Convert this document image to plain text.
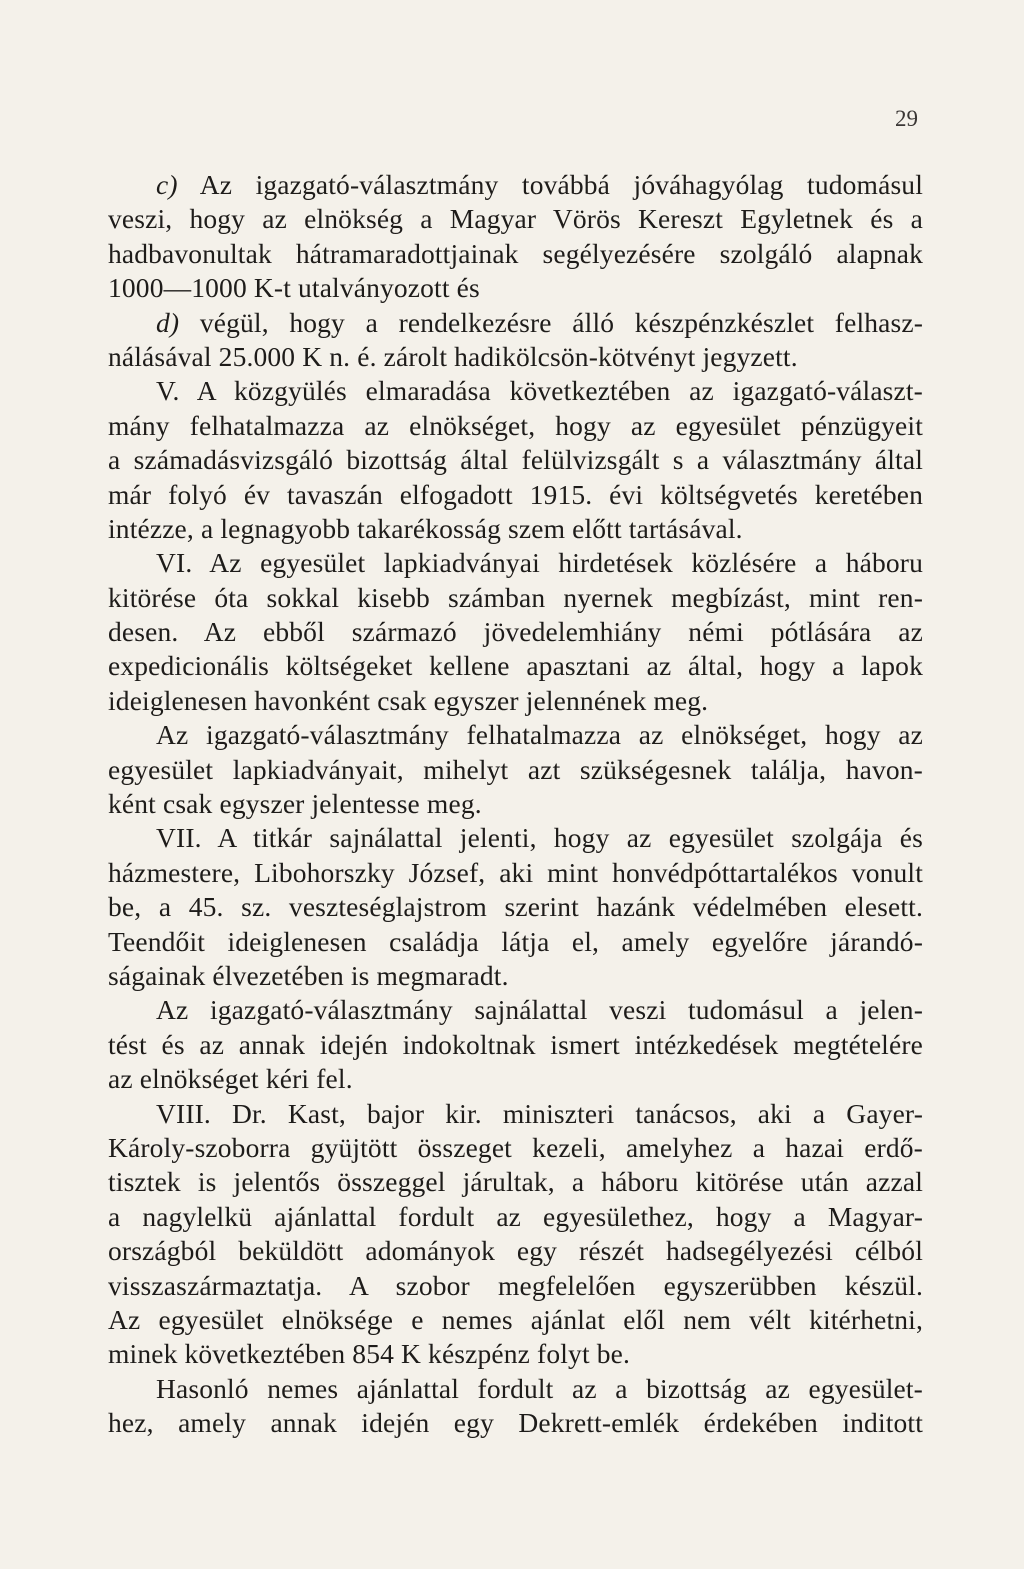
29
c) Az igazgató-választmány továbbá jóváhagyólag tudomásul
veszi, hogy az elnökség a Magyar Vörös Kereszt Egyletnek és a
hadbavonultak hátramaradottjainak segélyezésére szolgáló alapnak
1000—1000 K-t utalványozott és
d) végül, hogy a rendelkezésre álló készpénzkészlet felhasz-
nálásával 25.000 K n. é. zárolt hadikölcsön-kötvényt jegyzett.
V. A közgyülés elmaradása következtében az igazgató-választ-
mány felhatalmazza az elnökséget, hogy az egyesület pénzügyeit
a számadásvizsgáló bizottság által felülvizsgált s a választmány által
már folyó év tavaszán elfogadott 1915. évi költségvetés keretében
intézze, a legnagyobb takarékosság szem előtt tartásával.
VI. Az egyesület lapkiadványai hirdetések közlésére a háboru
kitörése óta sokkal kisebb számban nyernek megbízást, mint ren-
desen. Az ebből származó jövedelemhiány némi pótlására az
expedicionális költségeket kellene apasztani az által, hogy a lapok
ideiglenesen havonként csak egyszer jelennének meg.
Az igazgató-választmány felhatalmazza az elnökséget, hogy az
egyesület lapkiadványait, mihelyt azt szükségesnek találja, havon-
ként csak egyszer jelentesse meg.
VII. A titkár sajnálattal jelenti, hogy az egyesület szolgája és
házmestere, Libohorszky József, aki mint honvédpóttartalékos vonult
be, a 45. sz. veszteséglajstrom szerint hazánk védelmében elesett.
Teendőit ideiglenesen családja látja el, amely egyelőre járandó-
ságainak élvezetében is megmaradt.
Az igazgató-választmány sajnálattal veszi tudomásul a jelen-
tést és az annak idején indokoltnak ismert intézkedések megtételére
az elnökséget kéri fel.
VIII. Dr. Kast, bajor kir. miniszteri tanácsos, aki a Gayer-
Károly-szoborra gyüjtött összeget kezeli, amelyhez a hazai erdő-
tisztek is jelentős összeggel járultak, a háboru kitörése után azzal
a nagylelkü ajánlattal fordult az egyesülethez, hogy a Magyar-
országból beküldött adományok egy részét hadsegélyezési célból
visszaszármaztatja. A szobor megfelelően egyszerübben készül.
Az egyesület elnöksége e nemes ajánlat elől nem vélt kitérhetni,
minek következtében 854 K készpénz folyt be.
Hasonló nemes ajánlattal fordult az a bizottság az egyesület-
hez, amely annak idején egy Dekrett-emlék érdekében inditott
